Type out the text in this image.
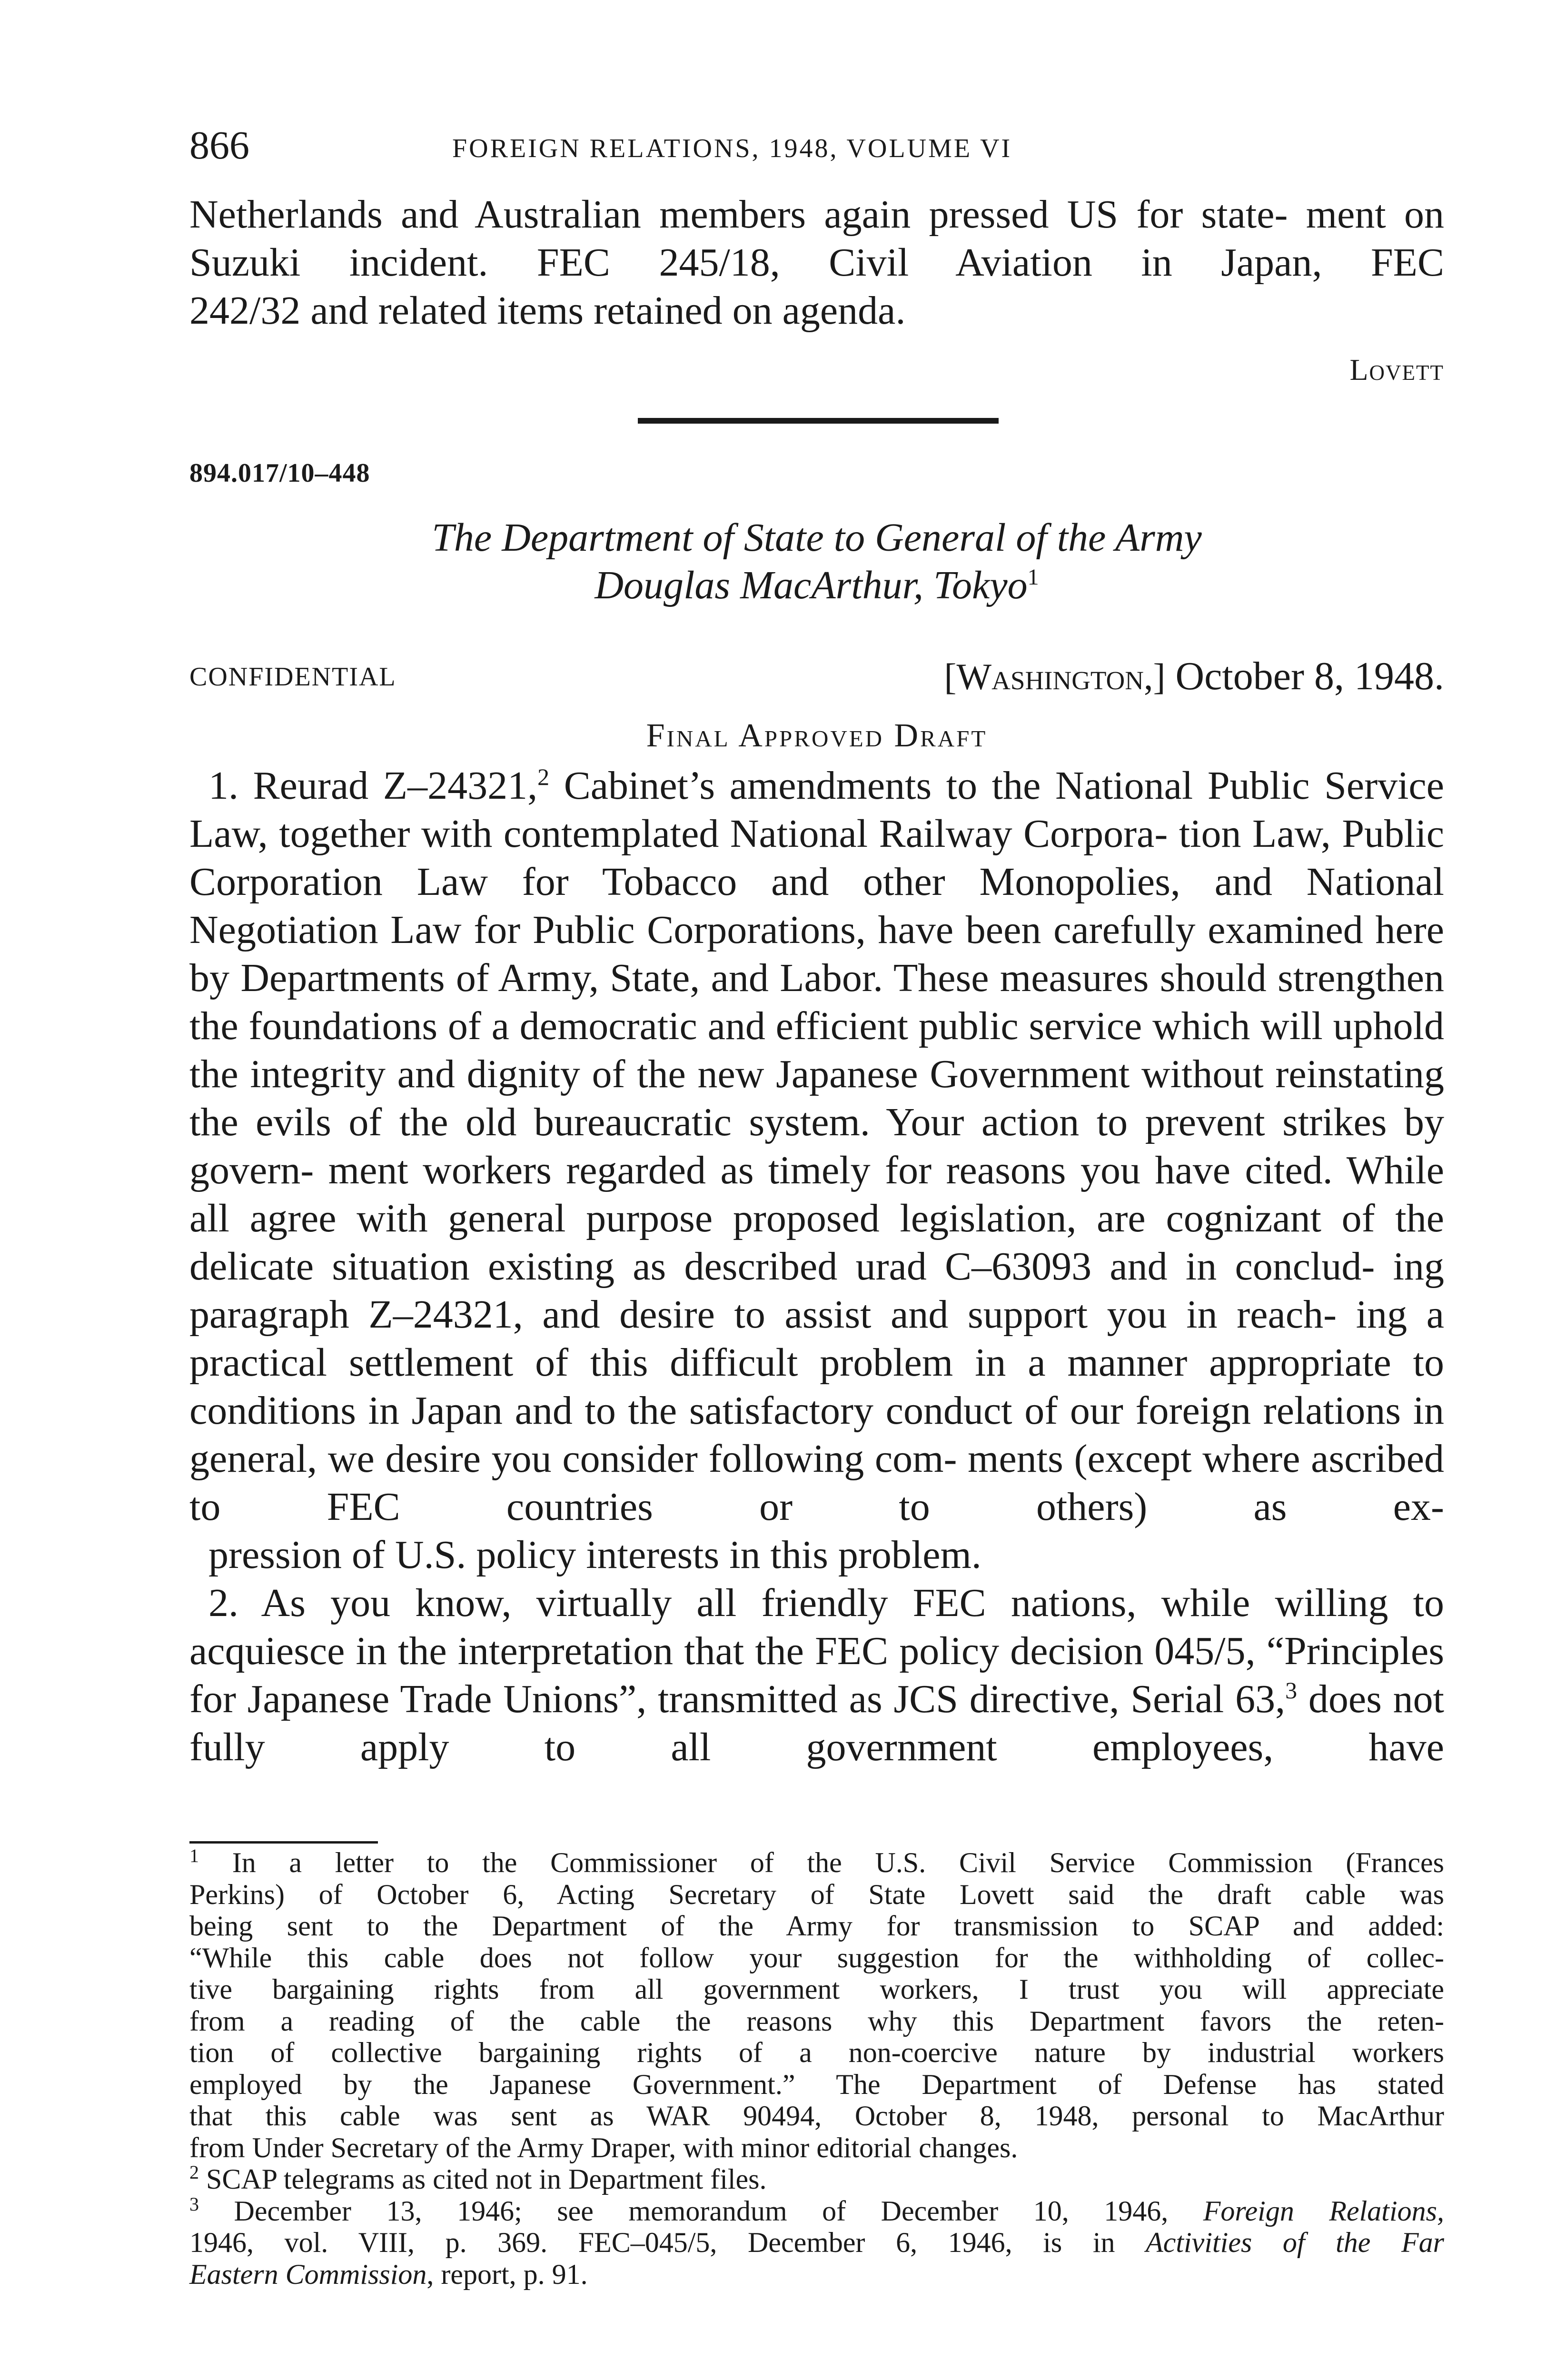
866	FOREIGN RELATIONS, 1948, VOLUME VI

Netherlands and Australian members again pressed US for state- ment on Suzuki incident. FEC 245/18, Civil Aviation in Japan, FEC
242/32 and related items retained on agenda.

Lovett
894.017/10–448
The Department of State to General of the Army
Douglas MacArthur, Tokyo$^1$
CONFIDENTIAL	[Washington,] October 8, 1948.
Final Approved Draft

1. Reurad Z–24321,$^2$ Cabinet’s amendments to the National Public Service Law, together with contemplated National Railway Corpora- tion Law, Public Corporation Law for Tobacco and other Monopolies, and National Negotiation Law for Public Corporations, have been carefully examined here by Departments of Army, State, and Labor. These measures should strengthen the foundations of a democratic and efficient public service which will uphold the integrity and dignity of the new Japanese Government without reinstating the evils of the old bureaucratic system. Your action to prevent strikes by govern- ment workers regarded as timely for reasons you have cited. While all agree with general purpose proposed legislation, are cognizant of the delicate situation existing as described urad C–63093 and in conclud- ing paragraph Z–24321, and desire to assist and support you in reach- ing a practical settlement of this difficult problem in a manner appropriate to conditions in Japan and to the satisfactory conduct of our foreign relations in general, we desire you consider following com- ments (except where ascribed to FEC countries or to others) as ex-
pression of U.S. policy interests in this problem.

2. As you know, virtually all friendly FEC nations, while willing to acquiesce in the interpretation that the FEC policy decision 045/5, “Principles for Japanese Trade Unions”, transmitted as JCS directive, Serial 63,$^3$ does not fully apply to all government employees, have

$^1$ In a letter to the Commissioner of the U.S. Civil Service Commission (Frances
Perkins) of October 6, Acting Secretary of State Lovett said the draft cable was
being sent to the Department of the Army for transmission to SCAP and added:
“While this cable does not follow your suggestion for the withholding of collec-
tive bargaining rights from all government workers, I trust you will appreciate
from a reading of the cable the reasons why this Department favors the reten-
tion of collective bargaining rights of a non-coercive nature by industrial workers
employed by the Japanese Government.” The Department of Defense has stated
that this cable was sent as WAR 90494, October 8, 1948, personal to MacArthur
from Under Secretary of the Army Draper, with minor editorial changes.

$^2$ SCAP telegrams as cited not in Department files.

$^3$ December 13, 1946; see memorandum of December 10, 1946, Foreign Relations,
1946, vol. VIII, p. 369. FEC–045/5, December 6, 1946, is in Activities of the Far
Eastern Commission, report, p. 91.
